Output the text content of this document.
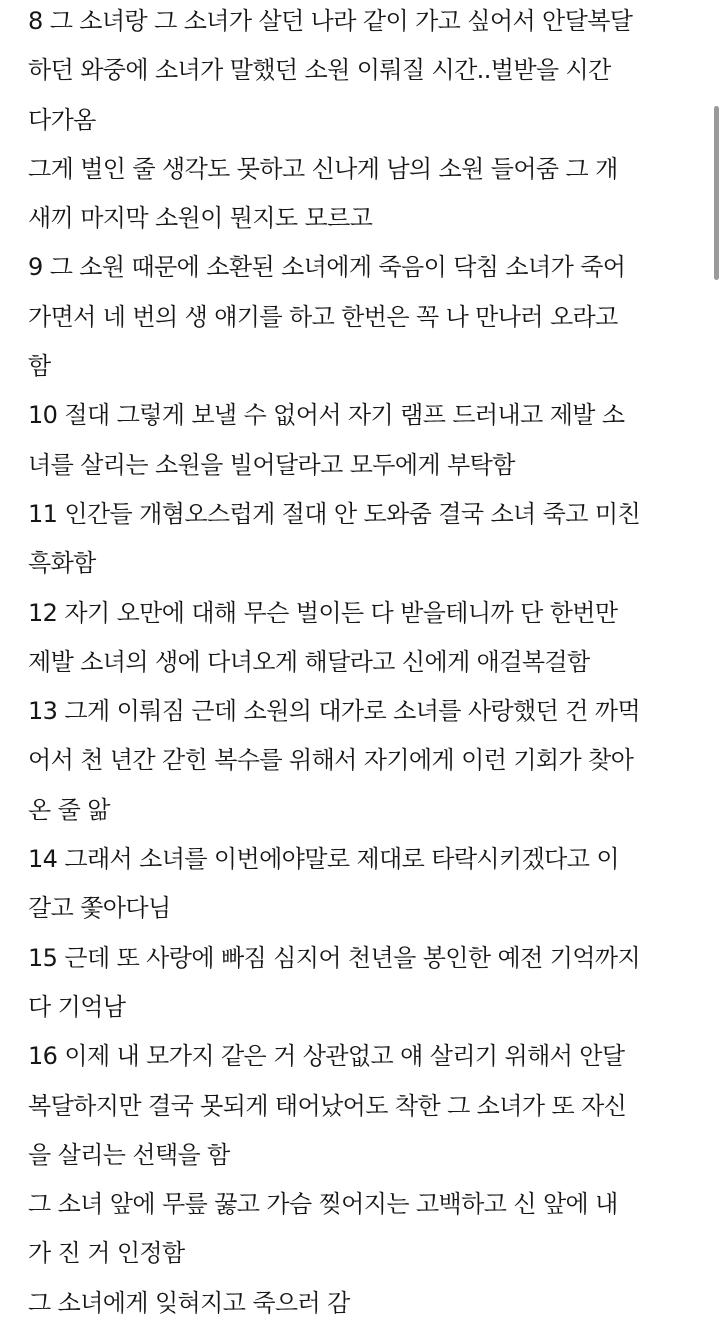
8 그 소녀랑 그 소녀가 살던 나라 같이 가고 싶어서 안달복달
하던 와중에 소녀가 말했던 소원 이뤄질 시간..벌받을 시간
다가옴
그게 벌인 줄 생각도 못하고 신나게 남의 소원 들어줌 그 개
새끼 마지막 소원이 뭔지도 모르고
9 그 소원 때문에 소환된 소녀에게 죽음이 닥침 소녀가 죽어
가면서 네 번의 생 얘기를 하고 한번은 꼭 나 만나러 오라고
함
10 절대 그렇게 보낼 수 없어서 자기 램프 드러내고 제발 소
녀를 살리는 소원을 빌어달라고 모두에게 부탁함
11 인간들 개혐오스럽게 절대 안 도와줌 결국 소녀 죽고 미친
흑화함
12 자기 오만에 대해 무슨 벌이든 다 받을테니까 단 한번만
제발 소녀의 생에 다녀오게 해달라고 신에게 애걸복걸함
13 그게 이뤄짐 근데 소원의 대가로 소녀를 사랑했던 건 까먹
어서 천 년간 갇힌 복수를 위해서 자기에게 이런 기회가 찾아
온 줄 앎
14 그래서 소녀를 이번에야말로 제대로 타락시키겠다고 이
갈고 쫓아다님
15 근데 또 사랑에 빠짐 심지어 천년을 봉인한 예전 기억까지
다 기억남
16 이제 내 모가지 같은 거 상관없고 얘 살리기 위해서 안달
복달하지만 결국 못되게 태어났어도 착한 그 소녀가 또 자신
을 살리는 선택을 함
그 소녀 앞에 무릎 꿇고 가슴 찢어지는 고백하고 신 앞에 내
가 진 거 인정함
그 소녀에게 잊혀지고 죽으러 감
